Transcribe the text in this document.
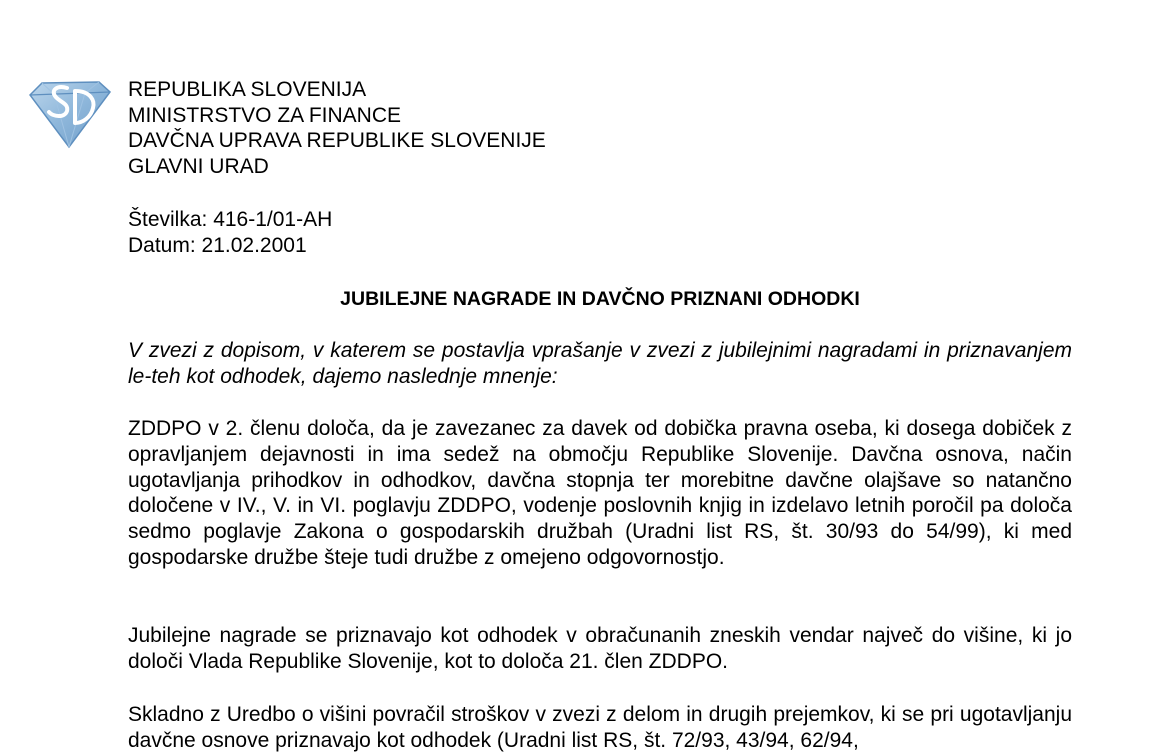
REPUBLIKA SLOVENIJA
MINISTRSTVO ZA FINANCE
DAVČNA UPRAVA REPUBLIKE SLOVENIJE
GLAVNI URAD
Številka: 416-1/01-AH
Datum: 21.02.2001
JUBILEJNE NAGRADE IN DAVČNO PRIZNANI ODHODKI

V zvezi z dopisom, v katerem se postavlja vprašanje v zvezi z jubilejnimi nagradami in priznavanjem le-teh kot odhodek, dajemo naslednje mnenje:

ZDDPO v 2. členu določa, da je zavezanec za davek od dobička pravna oseba, ki dosega dobiček z opravljanjem dejavnosti in ima sedež na območju Republike Slovenije. Davčna osnova, način ugotavljanja prihodkov in odhodkov, davčna stopnja ter morebitne davčne olajšave so natančno določene v IV., V. in VI. poglavju ZDDPO, vodenje poslovnih knjig in izdelavo letnih poročil pa določa sedmo poglavje Zakona o gospodarskih družbah (Uradni list RS, št. 30/93 do 54/99), ki med gospodarske družbe šteje tudi družbe z omejeno odgovornostjo.

Jubilejne nagrade se priznavajo kot odhodek v obračunanih zneskih vendar največ do višine, ki jo določi Vlada Republike Slovenije, kot to določa 21. člen ZDDPO.

Skladno z Uredbo o višini povračil stroškov v zvezi z delom in drugih prejemkov, ki se pri ugotavljanju davčne osnove priznavajo kot odhodek (Uradni list RS, št. 72/93, 43/94, 62/94,
